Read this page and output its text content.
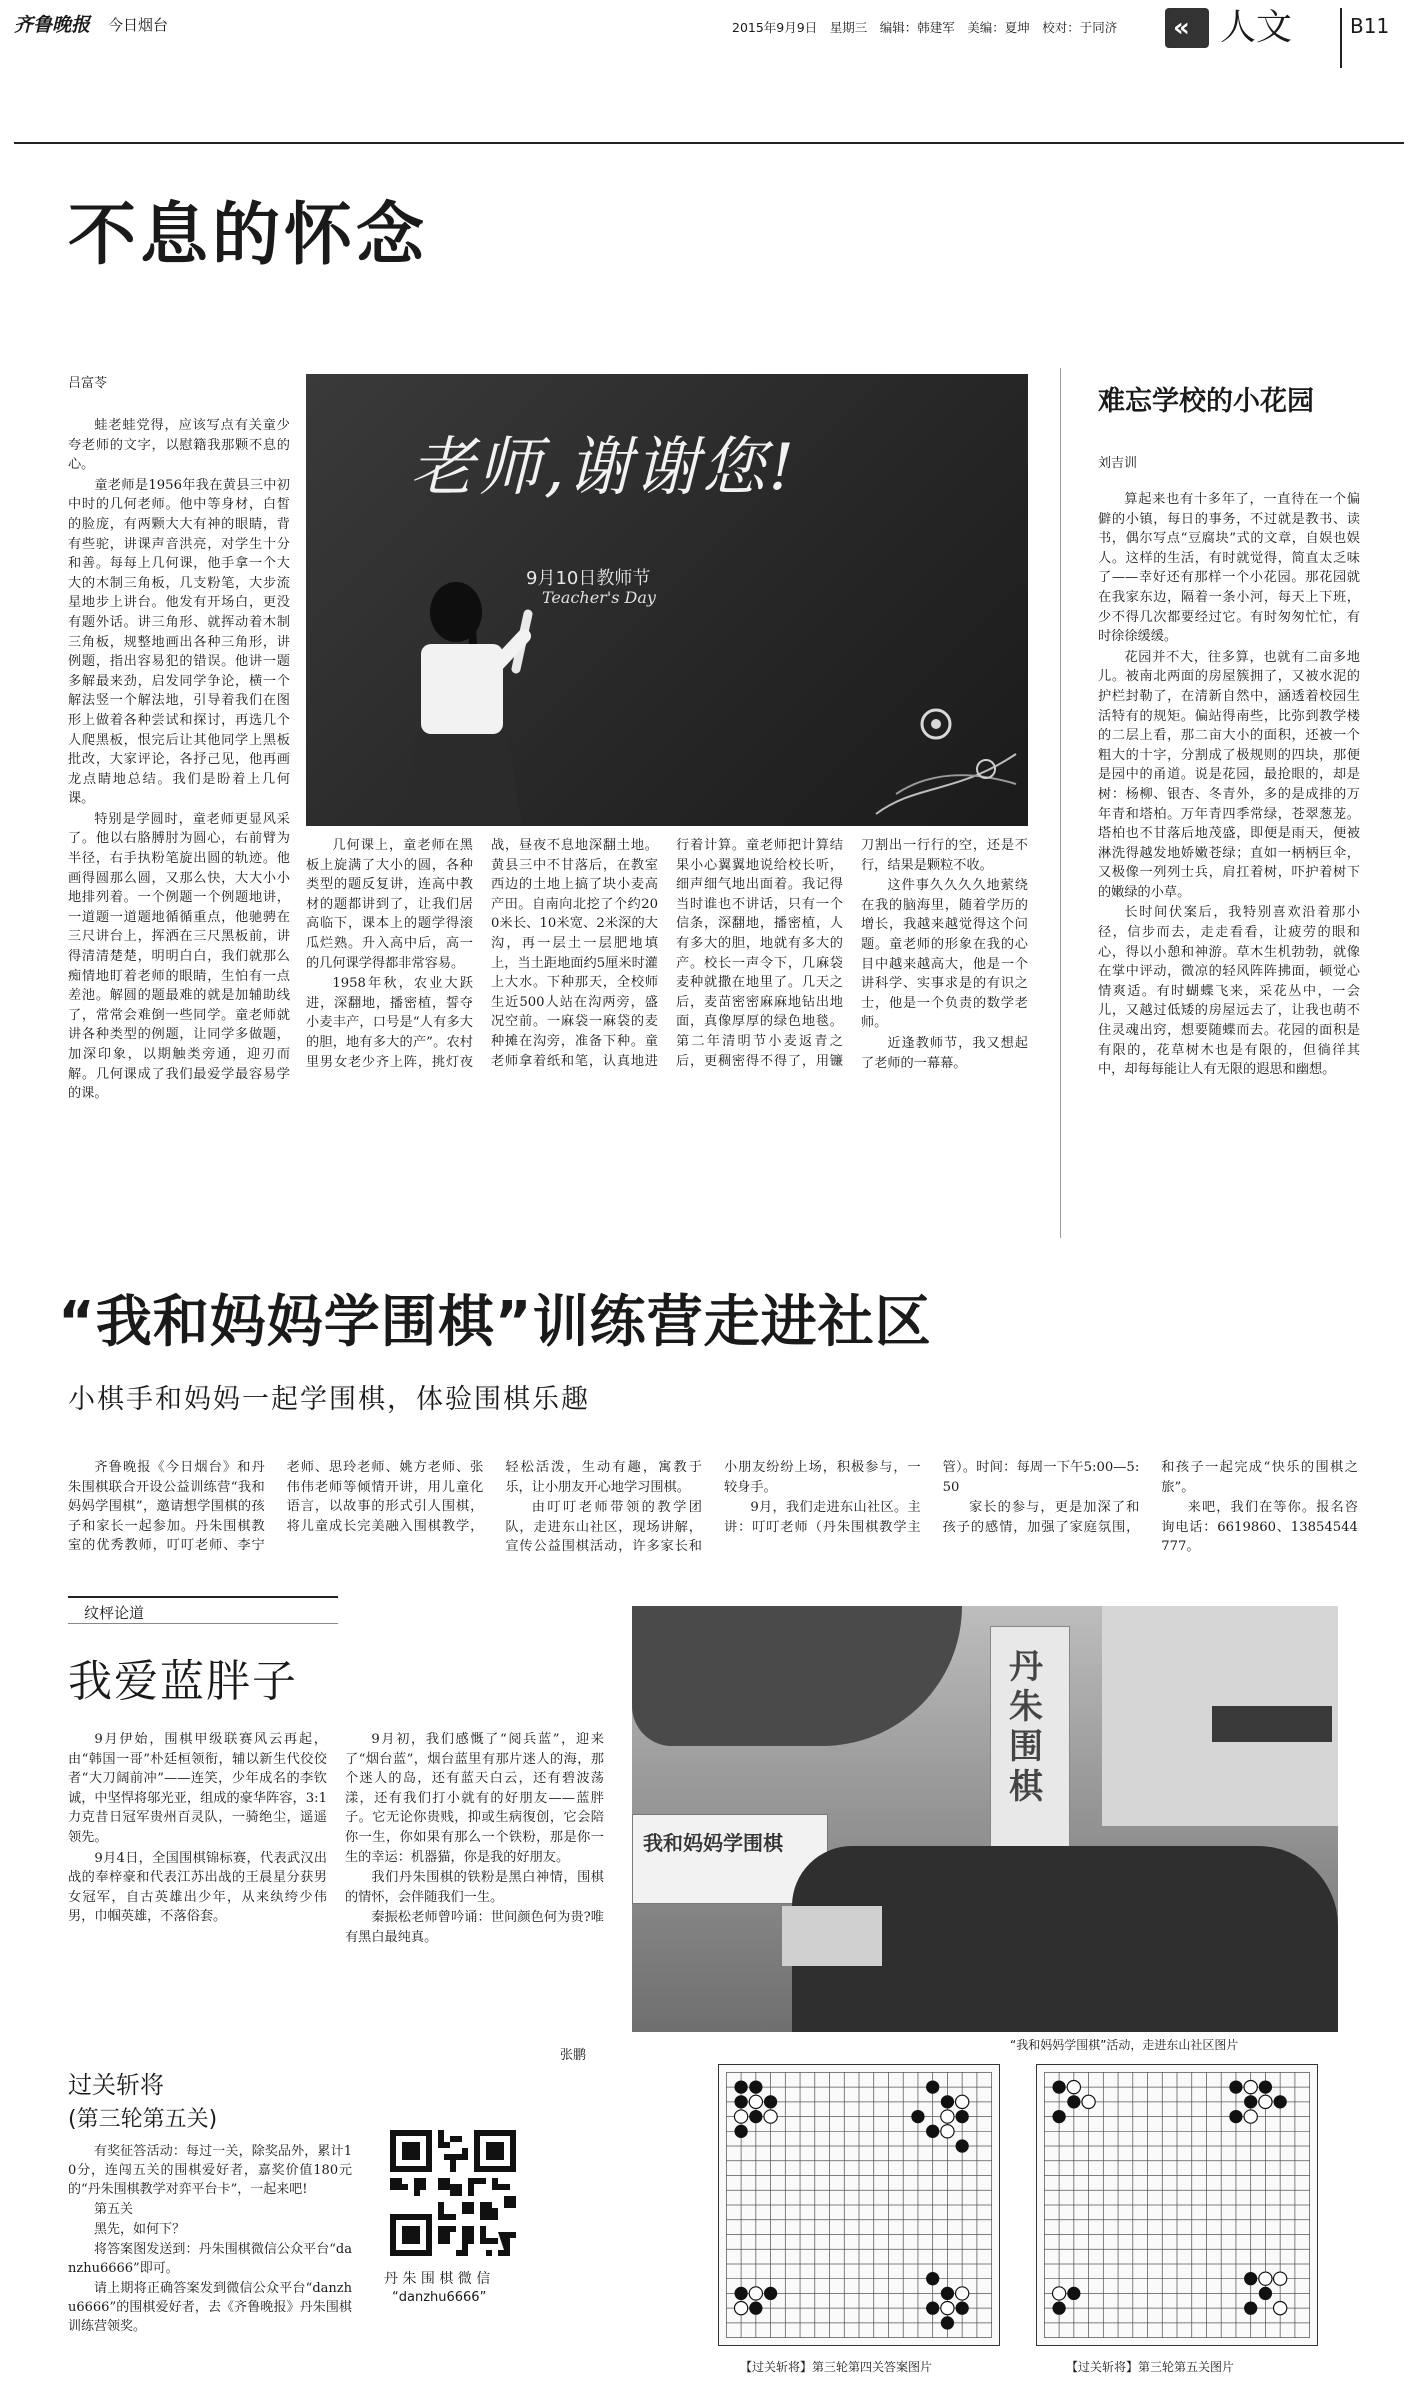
齐鲁晚报 今日烟台	2015年9月9日　星期三　编辑：韩建军　美编：夏坤　校对：于同济 « 人文	B11
不息的怀念
吕富苓

蛙老蛙党得，应该写点有关童少夸老师的文字，以慰籍我那颗不息的心。

童老师是1956年我在黄县三中初中时的几何老师。他中等身材，白皙的脸庞，有两颗大大有神的眼睛，背有些驼，讲课声音洪亮，对学生十分和善。每每上几何课，他手拿一个大大的木制三角板，几支粉笔，大步流星地步上讲台。他发有开场白，更没有题外话。讲三角形、就挥动着木制三角板，规整地画出各种三角形，讲例题，指出容易犯的错误。他讲一题多解最来劲，启发同学争论，横一个解法竖一个解法地，引导着我们在图形上做着各种尝试和探讨，再选几个人爬黑板，恨完后让其他同学上黑板批改，大家评论，各抒己见，他再画龙点睛地总结。我们是盼着上几何课。

特别是学圆时，童老师更显风采了。他以右胳膊肘为圆心，右前臂为半径，右手执粉笔旋出圆的轨迹。他画得圆那么圆，又那么快，大大小小地排列着。一个例题一个例题地讲，一道题一道题地循循重点，他驰骋在三尺讲台上，挥洒在三尺黑板前，讲得清清楚楚，明明白白，我们就那么痴情地盯着老师的眼睛，生怕有一点差池。解圆的题最难的就是加辅助线了，常常会难倒一些同学。童老师就讲各种类型的例题，让同学多做题，加深印象，以期触类旁通，迎刃而解。几何课成了我们最爱学最容易学的课。

老师,谢谢您!
9月10日教师节
Teacher's Day

几何课上，童老师在黑板上旋满了大小的圆，各种类型的题反复讲，连高中教材的题都讲到了，让我们居高临下，课本上的题学得滚瓜烂熟。升入高中后，高一的几何课学得都非常容易。

1958年秋，农业大跃进，深翻地，播密植，誓夺小麦丰产，口号是“人有多大的胆，地有多大的产”。农村里男女老少齐上阵，挑灯夜战，昼夜不息地深翻土地。黄县三中不甘落后，在教室西边的土地上搞了块小麦高产田。自南向北挖了个约200米长、10米宽、2米深的大沟，再一层土一层肥地填上，当土距地面约5厘米时灌上大水。下种那天，全校师生近500人站在沟两旁，盛况空前。一麻袋一麻袋的麦种摊在沟旁，准备下种。童老师拿着纸和笔，认真地进行着计算。童老师把计算结果小心翼翼地说给校长听，细声细气地出面着。我记得当时谁也不讲话，只有一个信条，深翻地，播密植，人有多大的胆，地就有多大的产。校长一声令下，几麻袋麦种就撒在地里了。几天之后，麦苗密密麻麻地钻出地面，真像厚厚的绿色地毯。第二年清明节小麦返青之后，更稠密得不得了，用镰刀割出一行行的空，还是不行，结果是颗粒不收。

这件事久久久久地萦绕在我的脑海里，随着学历的增长，我越来越觉得这个问题。童老师的形象在我的心目中越来越高大，他是一个讲科学、实事求是的有识之士，他是一个负责的数学老师。

近逢教师节，我又想起了老师的一幕幕。

难忘学校的小花园
刘吉训

算起来也有十多年了，一直待在一个偏僻的小镇，每日的事务，不过就是教书、读书，偶尔写点“豆腐块”式的文章，自娱也娱人。这样的生活，有时就觉得，简直太乏味了——幸好还有那样一个小花园。那花园就在我家东边，隔着一条小河，每天上下班，少不得几次都要经过它。有时匆匆忙忙，有时徐徐缓缓。

花园并不大，往多算，也就有二亩多地儿。被南北两面的房屋簇拥了，又被水泥的护栏封勒了，在清新自然中，涵透着校园生活特有的规矩。偏站得南些，比弥到教学楼的二层上看，那二亩大小的面积，还被一个粗大的十字，分割成了极规则的四块，那便是园中的甬道。说是花园，最抢眼的，却是树：杨柳、银杏、冬青外，多的是成排的万年青和塔柏。万年青四季常绿，苍翠葱茏。塔柏也不甘落后地茂盛，即便是雨天，便被淋洗得越发地娇嫩苍绿；直如一柄柄巨伞，又极像一列列士兵，肩扛着树，吓护着树下的嫩绿的小草。

长时间伏案后，我特别喜欢沿着那小径，信步而去，走走看看，让疲劳的眼和心，得以小憩和神游。草木生机勃勃，就像在掌中评动，微凉的轻风阵阵拂面，顿觉心情爽适。有时蝴蝶飞来，采花丛中，一会儿，又越过低矮的房屋远去了，让我也萌不住灵魂出窍，想要随蝶而去。花园的面积是有限的，花草树木也是有限的，但徜徉其中，却每每能让人有无限的遐思和幽想。

“我和妈妈学围棋”训练营走进社区
小棋手和妈妈一起学围棋，体验围棋乐趣

齐鲁晚报《今日烟台》和丹朱围棋联合开设公益训练营“我和妈妈学围棋”，邀请想学围棋的孩子和家长一起参加。丹朱围棋教室的优秀教师，叮叮老师、李宁老师、思玲老师、姚方老师、张伟伟老师等倾情开讲，用儿童化语言，以故事的形式引人围棋，将儿童成长完美融入围棋教学，轻松活泼，生动有趣，寓教于乐，让小朋友开心地学习围棋。

由叮叮老师带领的教学团队，走进东山社区，现场讲解，宣传公益围棋活动，许多家长和小朋友纷纷上场，积极参与，一较身手。

9月，我们走进东山社区。主讲：叮叮老师（丹朱围棋教学主管）。时间：每周一下午5:00—5:50

家长的参与，更是加深了和孩子的感情，加强了家庭氛围，和孩子一起完成“快乐的围棋之旅”。

来吧，我们在等你。报名咨询电话：6619860、13854544777。

纹枰论道
我爱蓝胖子

9月伊始，围棋甲级联赛风云再起，由“韩国一哥”朴廷桓领衔，辅以新生代佼佼者“大刀阔前冲”——连笑，少年成名的李钦诚，中坚悍将邬光亚，组成的豪华阵容，3:1力克昔日冠军贵州百灵队，一骑绝尘，遥遥领先。

9月4日，全国围棋锦标赛，代表武汉出战的奉梓豪和代表江苏出战的王晨星分获男女冠军，自古英雄出少年，从来纨绔少伟男，巾帼英雄，不落俗套。

9月初，我们感慨了“阅兵蓝”，迎来了“烟台蓝”，烟台蓝里有那片迷人的海，那个迷人的岛，还有蓝天白云，还有碧波荡漾，还有我们打小就有的好朋友——蓝胖子。它无论你贵贱，抑或生病復创，它会陪你一生，你如果有那么一个铁粉，那是你一生的幸运：机器猫，你是我的好朋友。

我们丹朱围棋的铁粉是黑白神情，围棋的情怀，会伴随我们一生。

秦振松老师曾吟诵：世间颜色何为贵?唯有黑白最纯真。

张鹏
丹朱围棋
我和妈妈学围棋
“我和妈妈学围棋”活动，走进东山社区图片
过关斩将
(第三轮第五关)

有奖征答活动：每过一关，除奖品外，累计10分，连闯五关的围棋爱好者，嘉奖价值180元的“丹朱围棋教学对弈平台卡”，一起来吧!

第五关

黑先，如何下？

将答案图发送到：丹朱围棋微信公众平台“danzhu6666”即可。

请上期将正确答案发到微信公众平台“danzhu6666”的围棋爱好者，去《齐鲁晚报》丹朱围棋训练营领奖。

丹 朱 围 棋 微 信
“danzhu6666”
【过关斩将】第三轮第四关答案图片	【过关斩将】第三轮第五关图片
